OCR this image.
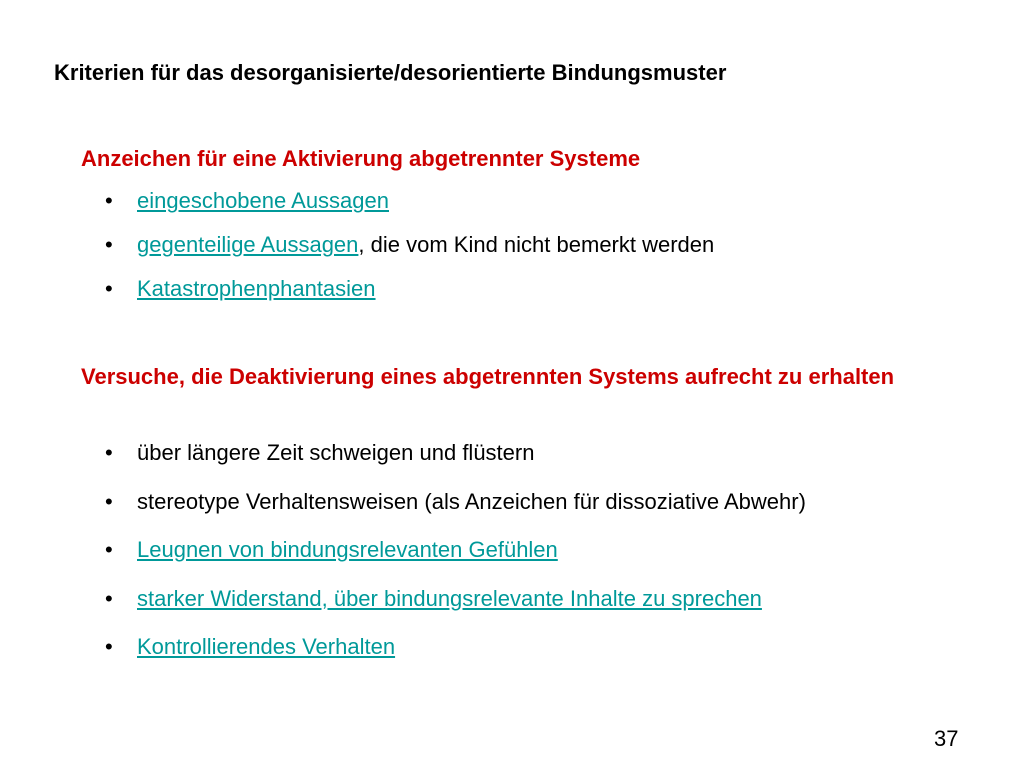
Kriterien für das desorganisierte/desorientierte Bindungsmuster
Anzeichen für eine Aktivierung abgetrennter Systeme
• eingeschobene Aussagen
• gegenteilige Aussagen, die vom Kind nicht bemerkt werden
• Katastrophenphantasien
Versuche, die Deaktivierung eines abgetrennten Systems aufrecht zu erhalten
• über längere Zeit schweigen und flüstern
• stereotype Verhaltensweisen (als Anzeichen für dissoziative Abwehr)
• Leugnen von bindungsrelevanten Gefühlen
• starker Widerstand, über bindungsrelevante Inhalte zu sprechen
• Kontrollierendes Verhalten
37
